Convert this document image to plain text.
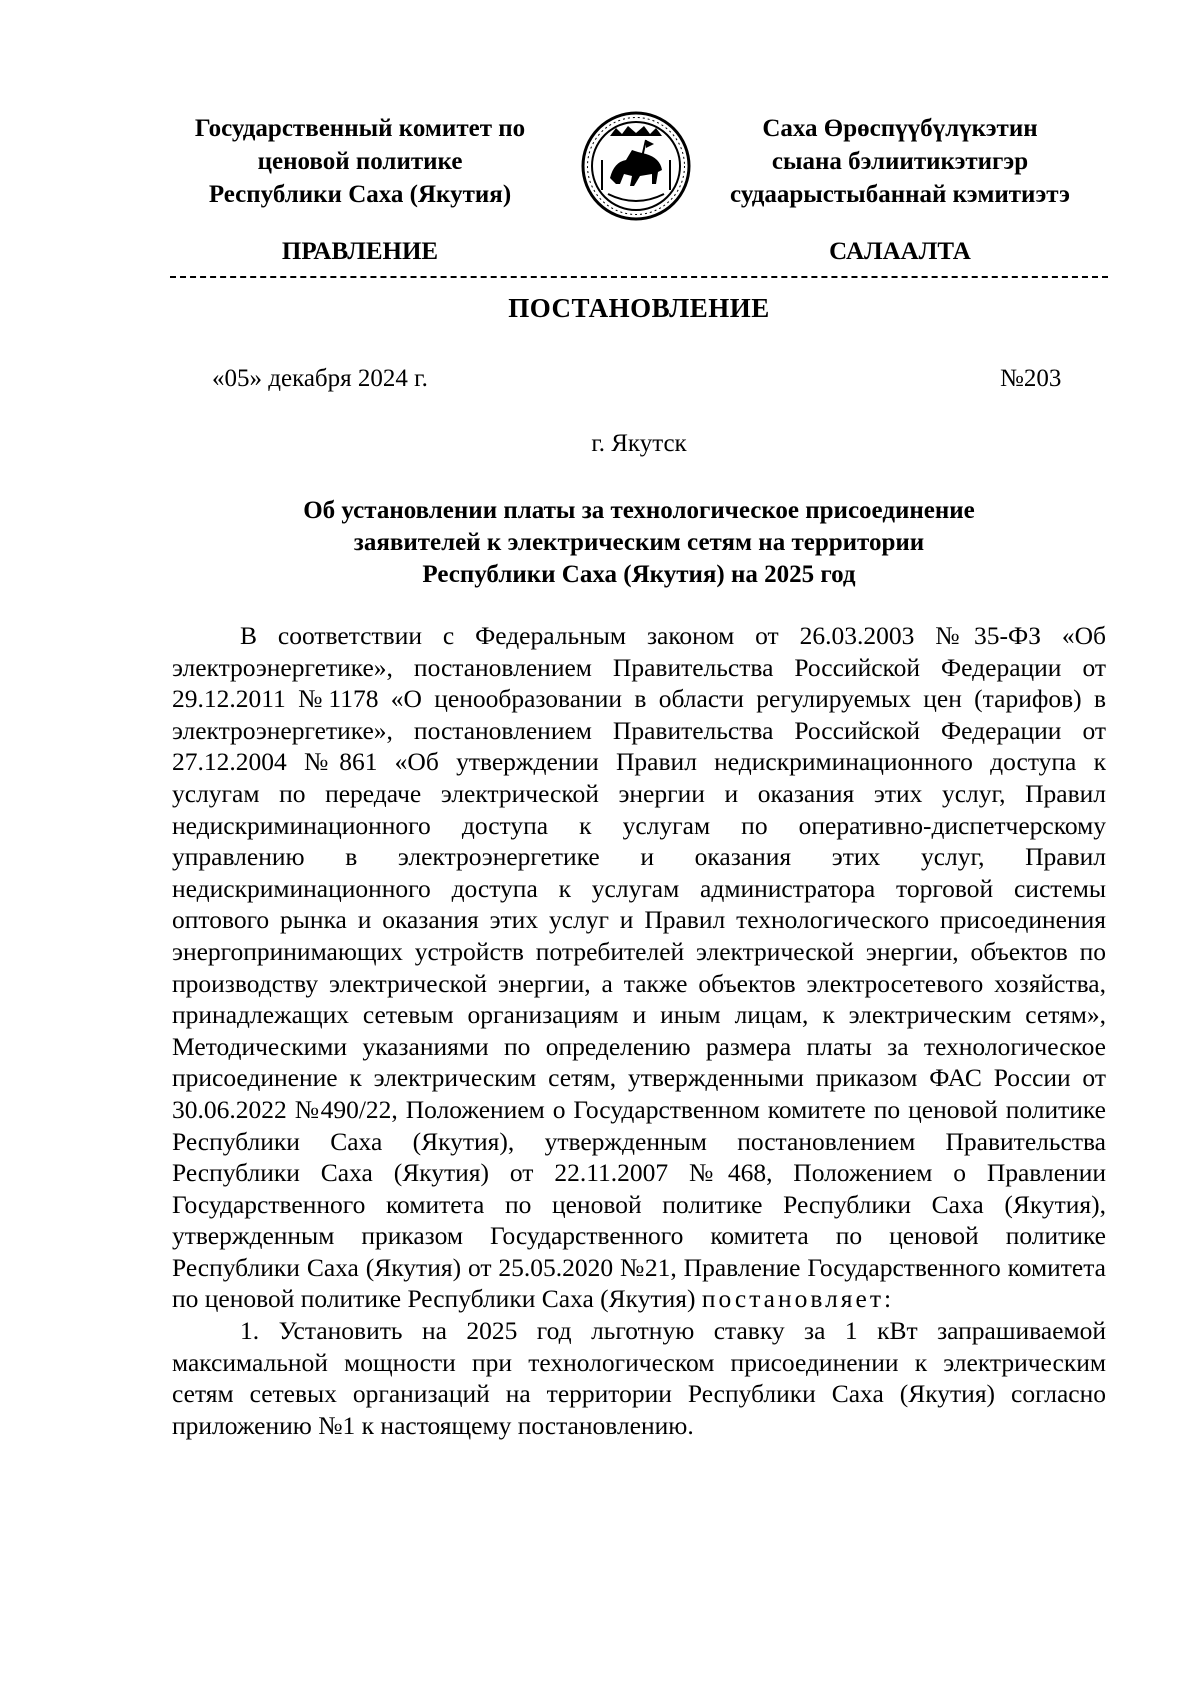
Государственный комитет по
ценовой политике
Республики Саха (Якутия)
Саха Өрөспүүбүлүкэтин
сыана бэлиитикэтигэр
судаарыстыбаннай кэмитиэтэ
ПРАВЛЕНИЕ	САЛААЛТА
ПОСТАНОВЛЕНИЕ
«05» декабря 2024 г.	№203
г. Якутск
Об установлении платы за технологическое присоединение
заявителей к электрическим сетям на территории
Республики Саха (Якутия) на 2025 год

В соответствии с Федеральным законом от 26.03.2003 №35-ФЗ «Об электроэнергетике», постановлением Правительства Российской Федерации от 29.12.2011 №1178 «О ценообразовании в области регулируемых цен (тарифов) в электроэнергетике», постановлением Правительства Российской Федерации от 27.12.2004 №861 «Об утверждении Правил недискриминационного доступа к услугам по передаче электрической энергии и оказания этих услуг, Правил недискриминационного доступа к услугам по оперативно-диспетчерскому управлению в электроэнергетике и оказания этих услуг, Правил недискриминационного доступа к услугам администратора торговой системы оптового рынка и оказания этих услуг и Правил технологического присоединения энергопринимающих устройств потребителей электрической энергии, объектов по производству электрической энергии, а также объектов электросетевого хозяйства, принадлежащих сетевым организациям и иным лицам, к электрическим сетям», Методическими указаниями по определению размера платы за технологическое присоединение к электрическим сетям, утвержденными приказом ФАС России от 30.06.2022 №490/22, Положением о Государственном комитете по ценовой политике Республики Саха (Якутия), утвержденным постановлением Правительства Республики Саха (Якутия) от 22.11.2007 №468, Положением о Правлении Государственного комитета по ценовой политике Республики Саха (Якутия), утвержденным приказом Государственного комитета по ценовой политике Республики Саха (Якутия) от 25.05.2020 №21, Правление Государственного комитета по ценовой политике Республики Саха (Якутия) постановляет:

1. Установить на 2025 год льготную ставку за 1 кВт запрашиваемой максимальной мощности при технологическом присоединении к электрическим сетям сетевых организаций на территории Республики Саха (Якутия) согласно приложению №1 к настоящему постановлению.
